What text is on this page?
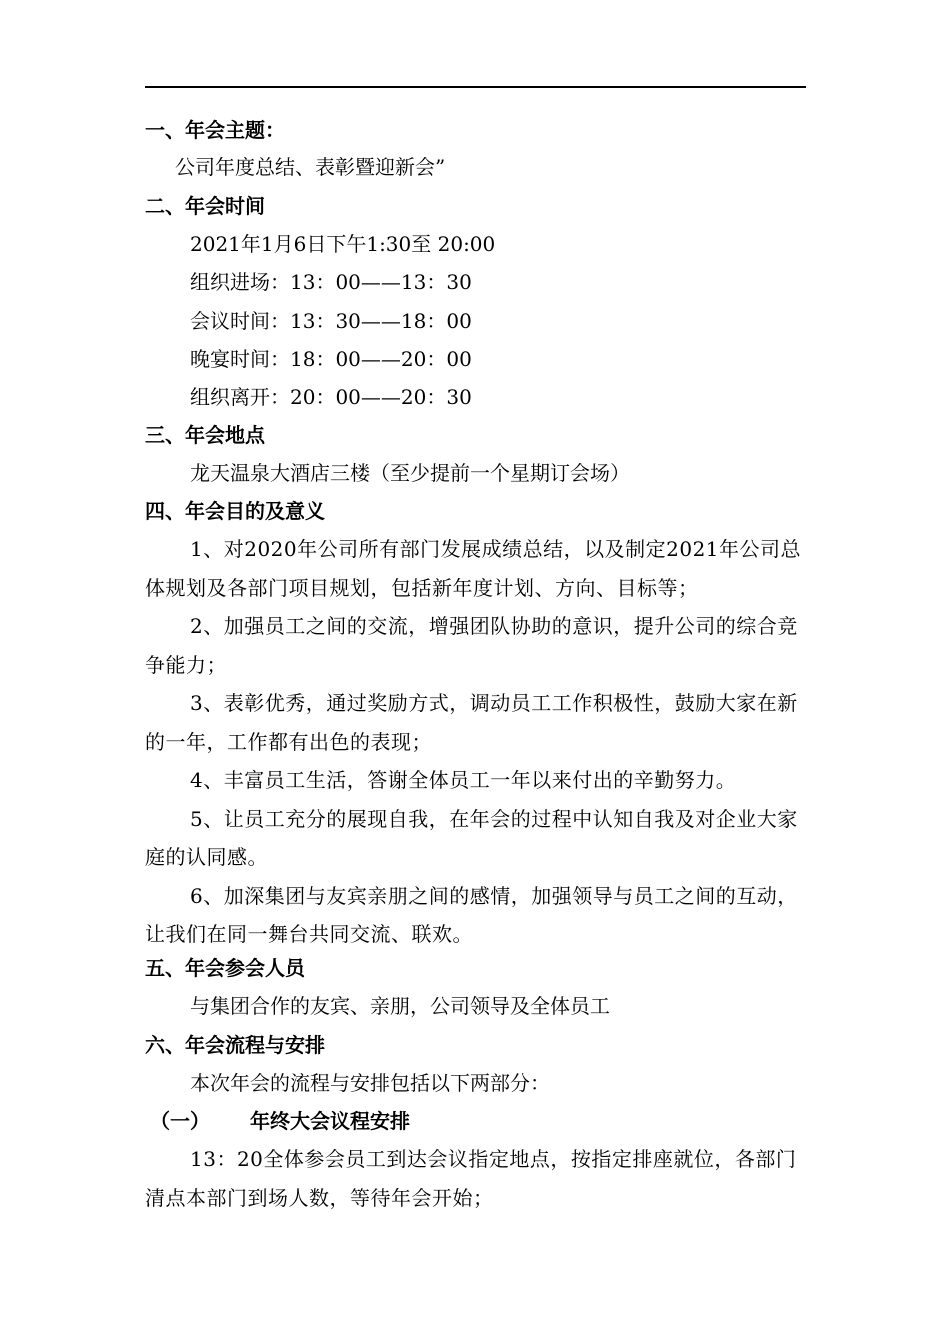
一、年会主题：
公司年度总结、表彰暨迎新会”
二、年会时间
2021年1月6日下午1:30至 20:00
组织进场：13：00——13：30
会议时间：13：30——18：00
晚宴时间：18：00——20：00
组织离开：20：00——20：30
三、年会地点
龙天温泉大酒店三楼（至少提前一个星期订会场）
四、年会目的及意义

1、对2020年公司所有部门发展成绩总结，以及制定2021年公司总体规划及各部门项目规划，包括新年度计划、方向、目标等；

2、加强员工之间的交流，增强团队协助的意识，提升公司的综合竞争能力；

3、表彰优秀，通过奖励方式，调动员工工作积极性，鼓励大家在新的一年，工作都有出色的表现；

4、丰富员工生活，答谢全体员工一年以来付出的辛勤努力。

5、让员工充分的展现自我，在年会的过程中认知自我及对企业大家庭的认同感。

6、加深集团与友宾亲朋之间的感情，加强领导与员工之间的互动，让我们在同一舞台共同交流、联欢。

五、年会参会人员
与集团合作的友宾、亲朋，公司领导及全体员工
六、年会流程与安排
本次年会的流程与安排包括以下两部分：
（一） 年终大会议程安排

13：20全体参会员工到达会议指定地点，按指定排座就位，各部门清点本部门到场人数，等待年会开始；
